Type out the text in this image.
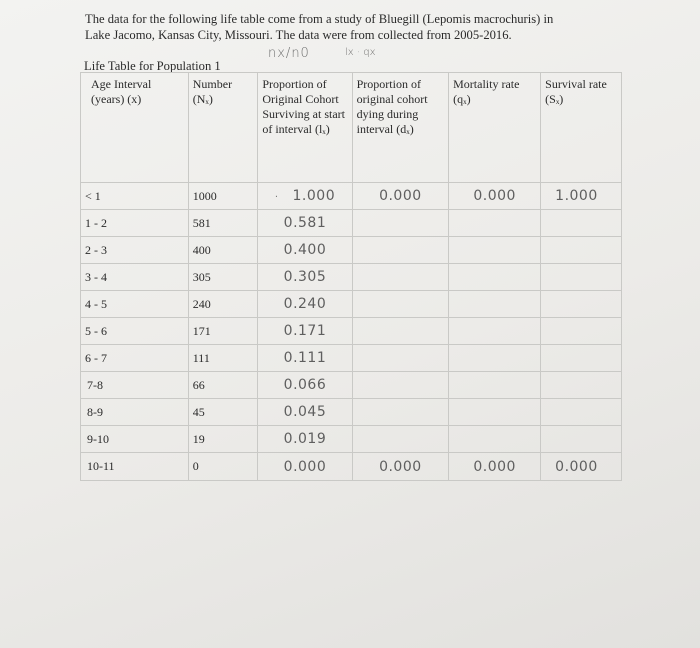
The data for the following life table come from a study of Bluegill (Lepomis macrochuris) in
Lake Jacomo, Kansas City, Missouri. The data were from collected from 2005-2016.
nx/n0	lx · qx
Life Table for Population 1
Age Interval (years) (x)	Number (Nₓ)	Proportion of Original Cohort Surviving at start of interval (lₓ)	Proportion of original cohort dying during interval (dₓ)	Mortality rate (qₓ)	Survival rate (Sₓ)
< 1	1000	· 1.000	0.000	0.000	1.000
1 - 2	581	0.581			
2 - 3	400	0.400			
3 - 4	305	0.305			
4 - 5	240	0.240			
5 - 6	171	0.171			
6 - 7	111	0.111			
7-8	66	0.066			
8-9	45	0.045			
9-10	19	0.019			
10-11	0	0.000	0.000	0.000	0.000
